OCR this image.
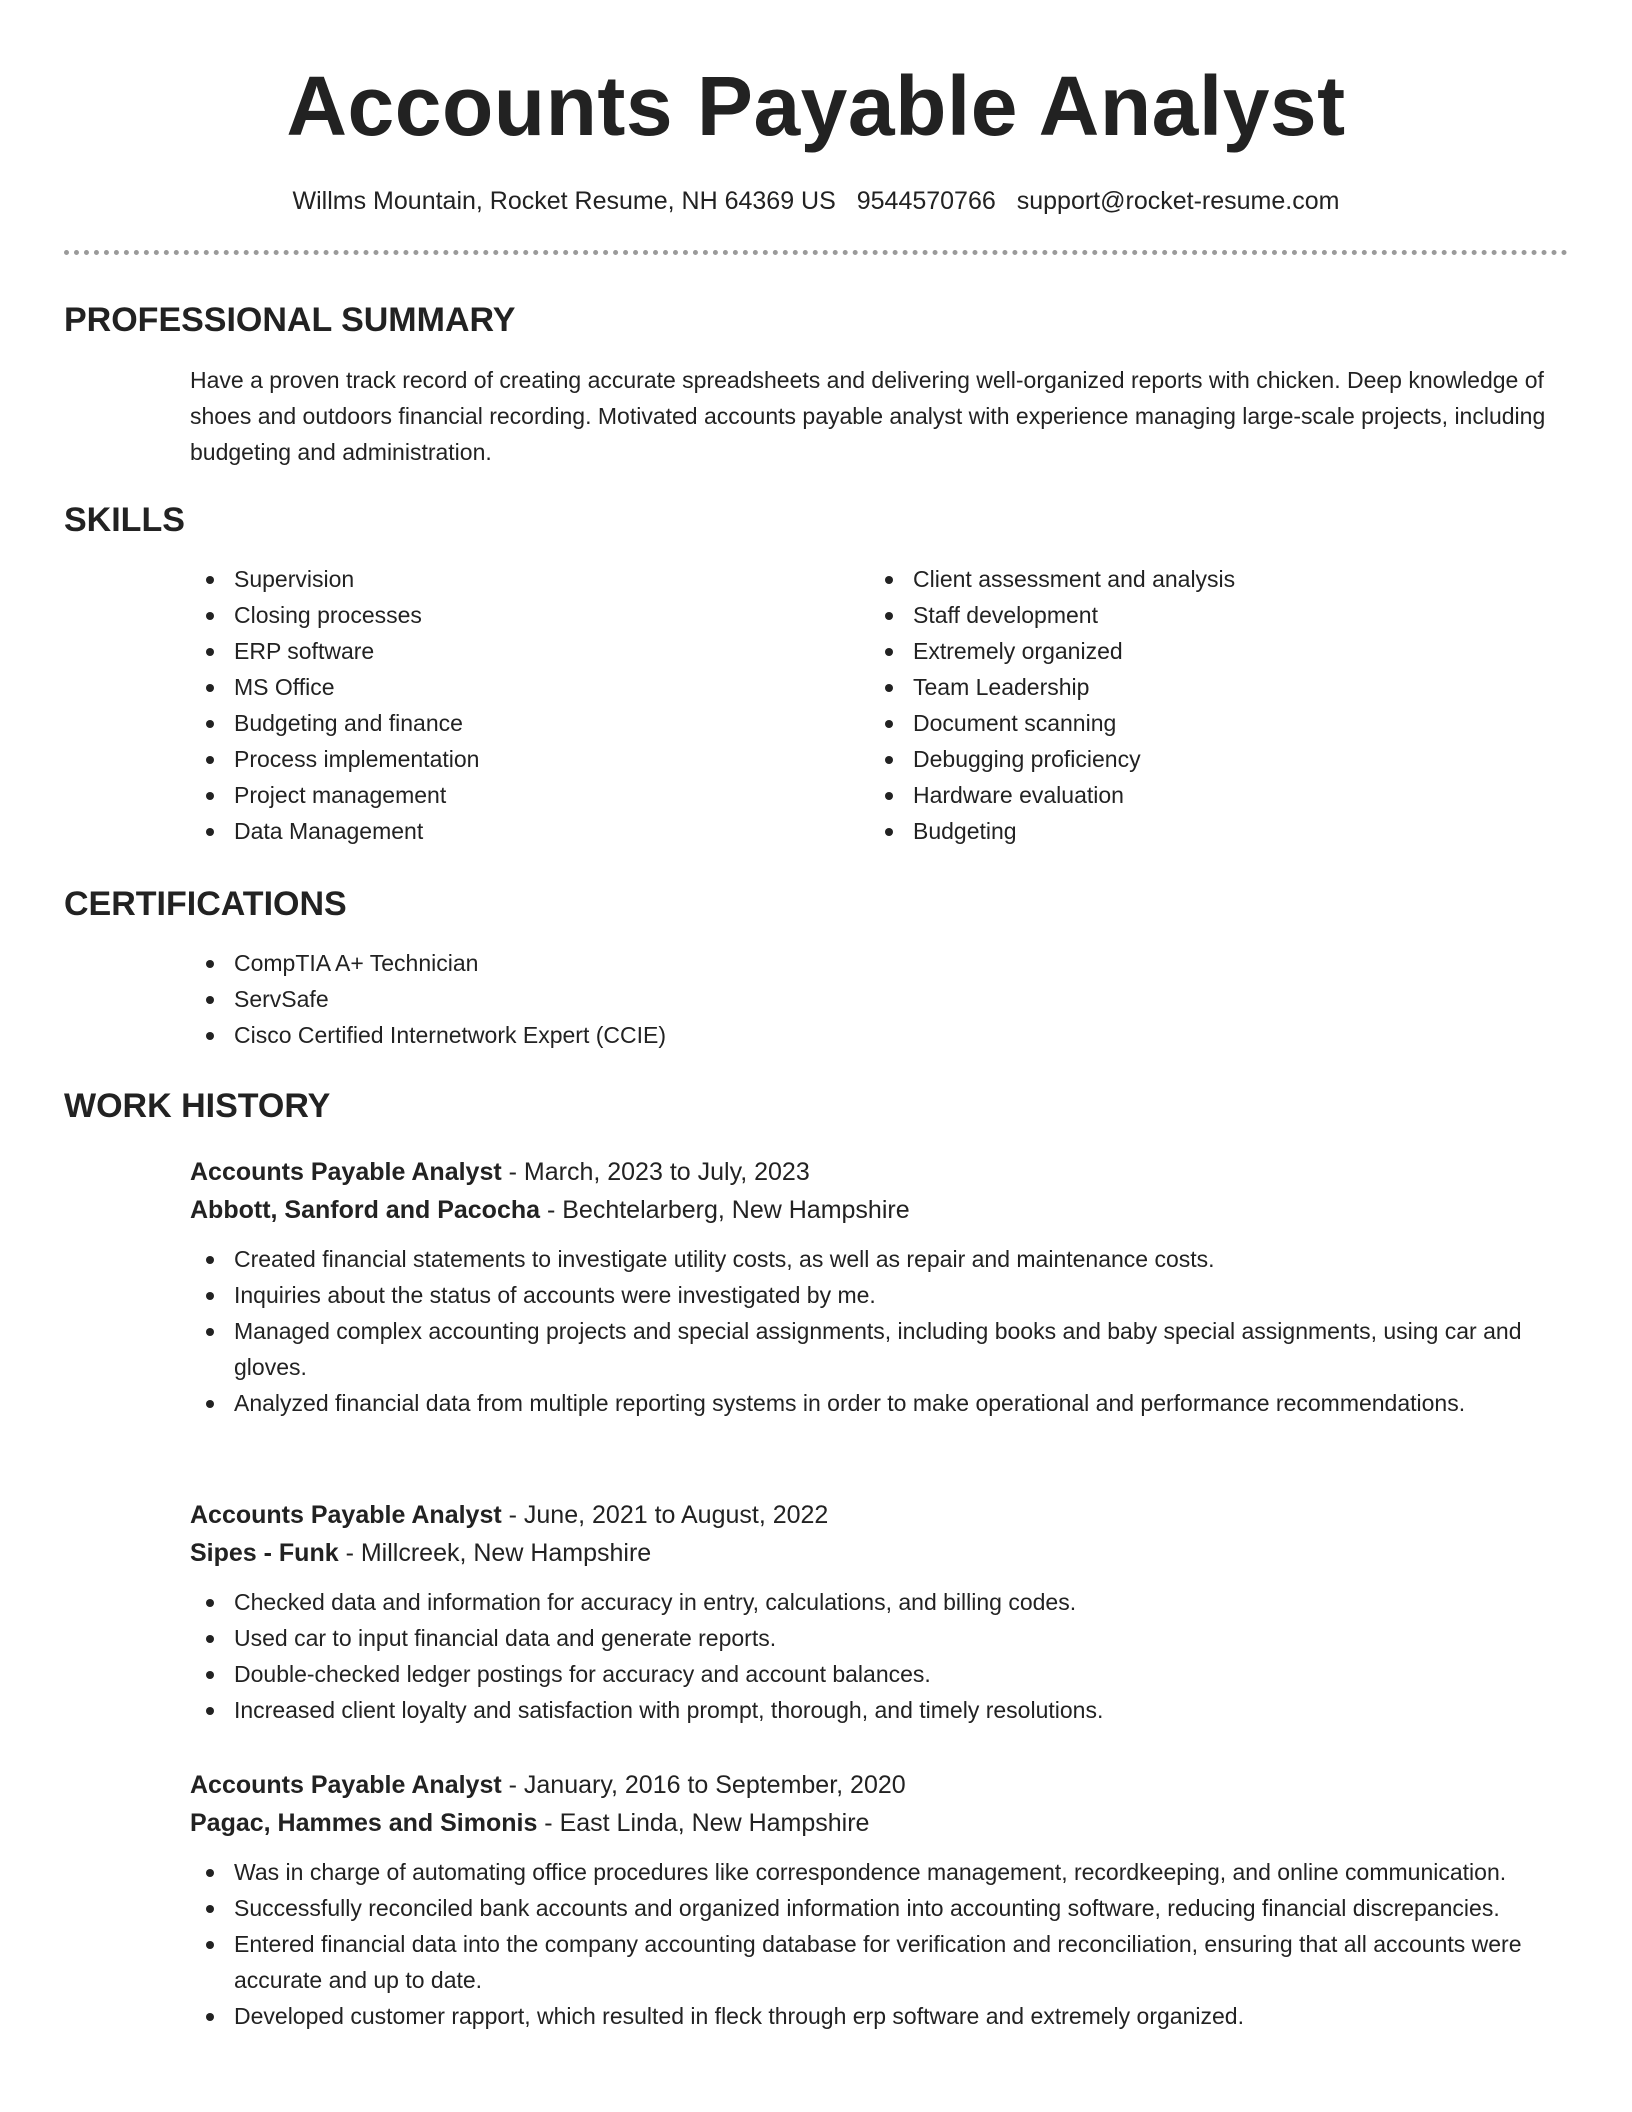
Accounts Payable Analyst
Willms Mountain, Rocket Resume, NH 64369 US 9544570766 support@rocket-resume.com
PROFESSIONAL SUMMARY
Have a proven track record of creating accurate spreadsheets and delivering well-organized reports with chicken. Deep knowledge of shoes and outdoors financial recording. Motivated accounts payable analyst with experience managing large-scale projects, including budgeting and administration.
SKILLS
Supervision
Closing processes
ERP software
MS Office
Budgeting and finance
Process implementation
Project management
Data Management
Client assessment and analysis
Staff development
Extremely organized
Team Leadership
Document scanning
Debugging proficiency
Hardware evaluation
Budgeting
CERTIFICATIONS
CompTIA A+ Technician
ServSafe
Cisco Certified Internetwork Expert (CCIE)
WORK HISTORY
Accounts Payable Analyst - March, 2023 to July, 2023
Abbott, Sanford and Pacocha - Bechtelarberg, New Hampshire
Created financial statements to investigate utility costs, as well as repair and maintenance costs.
Inquiries about the status of accounts were investigated by me.
Managed complex accounting projects and special assignments, including books and baby special assignments, using car and gloves.
Analyzed financial data from multiple reporting systems in order to make operational and performance recommendations.
Accounts Payable Analyst - June, 2021 to August, 2022
Sipes - Funk - Millcreek, New Hampshire
Checked data and information for accuracy in entry, calculations, and billing codes.
Used car to input financial data and generate reports.
Double-checked ledger postings for accuracy and account balances.
Increased client loyalty and satisfaction with prompt, thorough, and timely resolutions.
Accounts Payable Analyst - January, 2016 to September, 2020
Pagac, Hammes and Simonis - East Linda, New Hampshire
Was in charge of automating office procedures like correspondence management, recordkeeping, and online communication.
Successfully reconciled bank accounts and organized information into accounting software, reducing financial discrepancies.
Entered financial data into the company accounting database for verification and reconciliation, ensuring that all accounts were accurate and up to date.
Developed customer rapport, which resulted in fleck through erp software and extremely organized.
